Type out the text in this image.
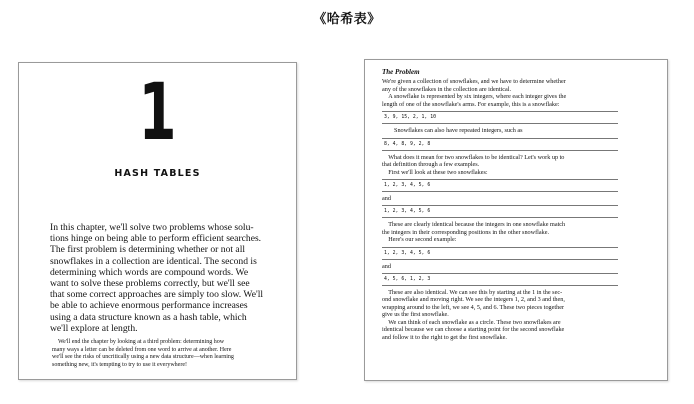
《哈希表》
1
HASH TABLES

In this chapter, we'll solve two problems whose solu-
tions hinge on being able to perform efficient searches.
The first problem is determining whether or not all
snowflakes in a collection are identical. The second is
determining which words are compound words. We
want to solve these problems correctly, but we'll see
that some correct approaches are simply too slow. We'll
be able to achieve enormous performance increases
using a data structure known as a hash table, which
we'll explore at length.

We'll end the chapter by looking at a third problem: determining how
many ways a letter can be deleted from one word to arrive at another. Here
we'll see the risks of uncritically using a new data structure—when learning
something new, it's tempting to try to use it everywhere!

The Problem

We're given a collection of snowflakes, and we have to determine whether
any of the snowflakes in the collection are identical.
A snowflake is represented by six integers, where each integer gives the
length of one of the snowflake's arms. For example, this is a snowflake:

3, 9, 15, 2, 1, 10

Snowflakes can also have repeated integers, such as

8, 4, 8, 9, 2, 8

What does it mean for two snowflakes to be identical? Let's work up to
that definition through a few examples.
First we'll look at these two snowflakes:

1, 2, 3, 4, 5, 6

and

1, 2, 3, 4, 5, 6

These are clearly identical because the integers in one snowflake match
the integers in their corresponding positions in the other snowflake.
Here's our second example:

1, 2, 3, 4, 5, 6

and

4, 5, 6, 1, 2, 3

These are also identical. We can see this by starting at the 1 in the sec-
ond snowflake and moving right. We see the integers 1, 2, and 3 and then,
wrapping around to the left, we see 4, 5, and 6. These two pieces together
give us the first snowflake.
We can think of each snowflake as a circle. These two snowflakes are
identical because we can choose a starting point for the second snowflake
and follow it to the right to get the first snowflake.
